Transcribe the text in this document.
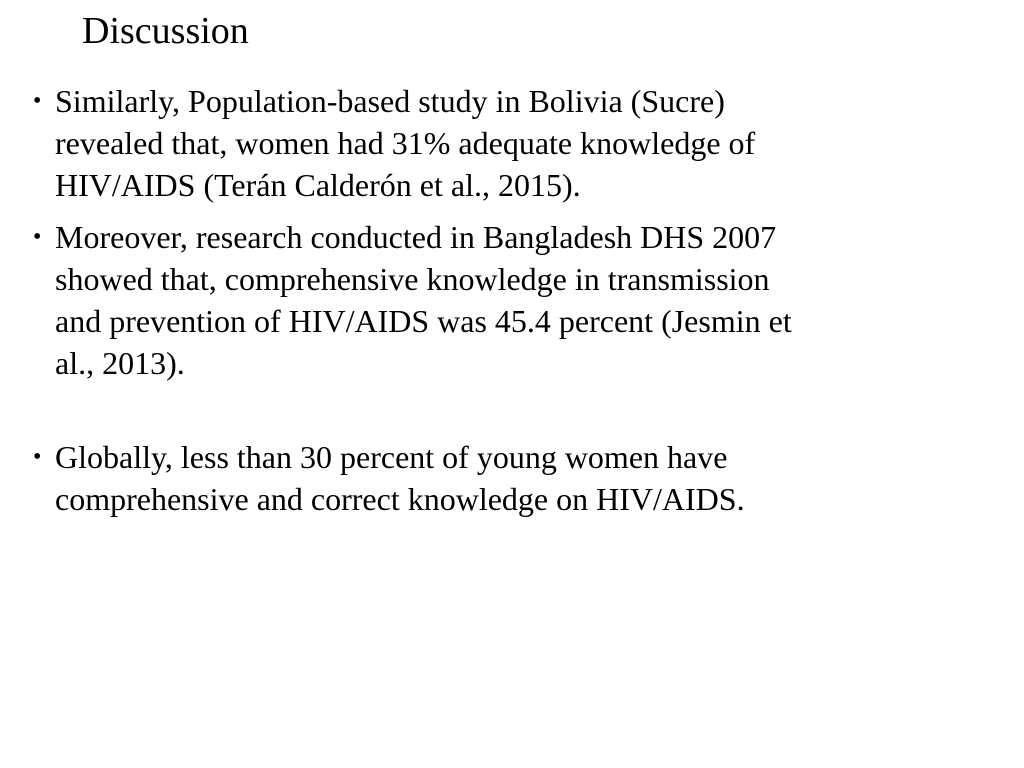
Discussion
• Similarly, Population-based study in Bolivia (Sucre)
revealed that, women had 31% adequate knowledge of
HIV/AIDS (Terán Calderón et al., 2015).
• Moreover, research conducted in Bangladesh DHS 2007
showed that, comprehensive knowledge in transmission
and prevention of HIV/AIDS was 45.4 percent (Jesmin et
al., 2013).
• Globally, less than 30 percent of young women have
comprehensive and correct knowledge on HIV/AIDS.
